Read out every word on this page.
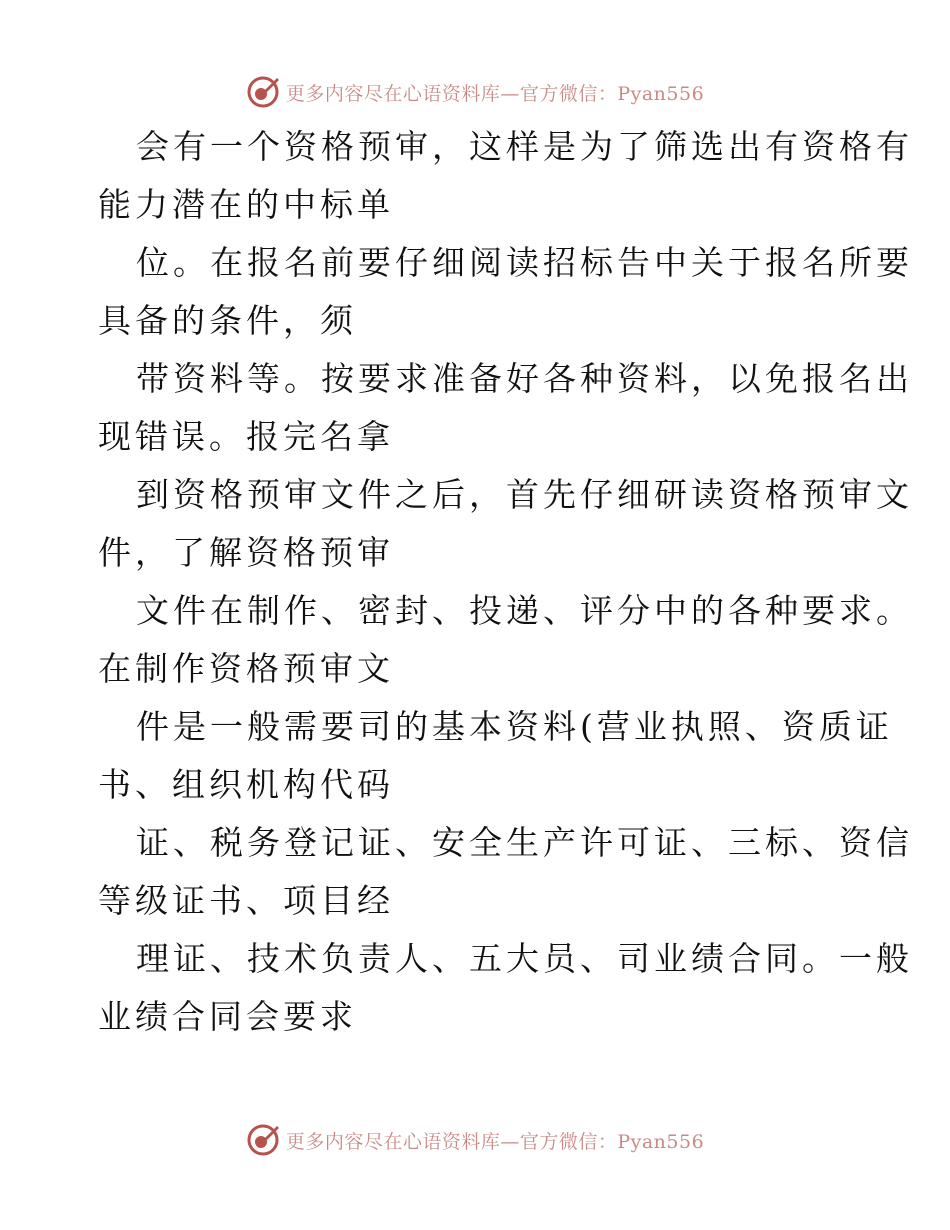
更多内容尽在心语资料库—官方微信：Pyan556

会有一个资格预审，这样是为了筛选出有资格有
能力潜在的中标单

位。在报名前要仔细阅读招标告中关于报名所要
具备的条件，须

带资料等。按要求准备好各种资料，以免报名出
现错误。报完名拿

到资格预审文件之后，首先仔细研读资格预审文
件，了解资格预审

文件在制作、密封、投递、评分中的各种要求。
在制作资格预审文

件是一般需要司的基本资料(营业执照、资质证
书、组织机构代码

证、税务登记证、安全生产许可证、三标、资信
等级证书、项目经

理证、技术负责人、五大员、司业绩合同。一般
业绩合同会要求

更多内容尽在心语资料库—官方微信：Pyan556
